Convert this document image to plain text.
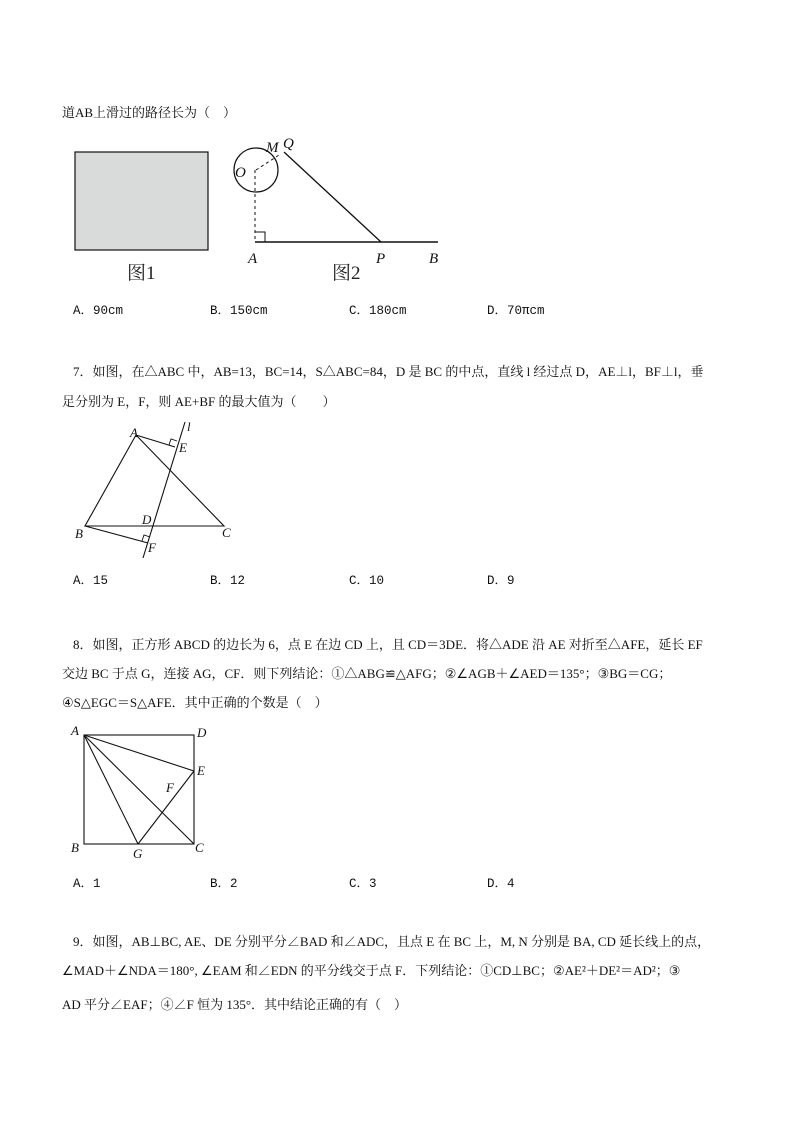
道AB上滑过的路径长为（　）
图1
O
M Q
A	P	B
图2
A
E
l
B
D
C
F
A	D
E
F
B	G	C
A．90cm	B．150cm	C．180cm	D．70πcm
7．如图，在△ABC 中，AB=13，BC=14，S△ABC=84，D 是 BC 的中点，直线 l 经过点 D，AE⊥l，BF⊥l，垂
足分别为 E，F，则 AE+BF 的最大值为（　　）
A．15	B．12	C．10	D．9
8．如图，正方形 ABCD 的边长为 6，点 E 在边 CD 上，且 CD＝3DE．将△ADE 沿 AE 对折至△AFE，延长 EF
交边 BC 于点 G，连接 AG，CF．则下列结论：①△ABG≌△AFG；②∠AGB＋∠AED＝135°；③BG＝CG；
④S△EGC＝S△AFE．其中正确的个数是（　）
A．1	B．2	C．3	D．4
9．如图，AB⊥BC, AE、DE 分别平分∠BAD 和∠ADC，且点 E 在 BC 上，M, N 分别是 BA, CD 延长线上的点，
∠MAD＋∠NDA＝180°, ∠EAM 和∠EDN 的平分线交于点 F．下列结论：①CD⊥BC；②AE²＋DE²＝AD²；③
AD 平分∠EAF；④∠F 恒为 135°．其中结论正确的有（　）
